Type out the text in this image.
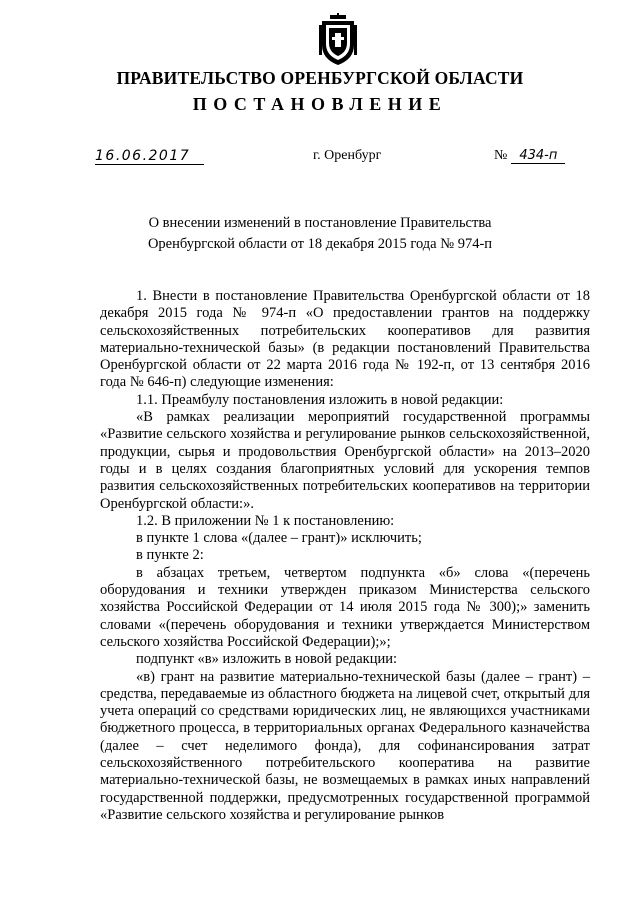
ПРАВИТЕЛЬСТВО ОРЕНБУРГСКОЙ ОБЛАСТИ
ПОСТАНОВЛЕНИЕ
16.06.2017	г. Оренбург	№ 434-п
О внесении изменений в постановление Правительства
Оренбургской области от 18 декабря 2015 года № 974-п

1. Внести в постановление Правительства Оренбургской области от 18 декабря 2015 года № 974-п «О предоставлении грантов на поддержку сельскохозяйственных потребительских кооперативов для развития материально-технической базы» (в редакции постановлений Правительства Оренбургской области от 22 марта 2016 года № 192-п, от 13 сентября 2016 года № 646-п) следующие изменения:

1.1. Преамбулу постановления изложить в новой редакции:

«В рамках реализации мероприятий государственной программы «Развитие сельского хозяйства и регулирование рынков сельскохозяйственной, продукции, сырья и продовольствия Оренбургской области» на 2013–2020 годы и в целях создания благоприятных условий для ускорения темпов развития сельскохозяйственных потребительских кооперативов на территории Оренбургской области:».

1.2. В приложении № 1 к постановлению:

в пункте 1 слова «(далее – грант)» исключить;

в пункте 2:

в абзацах третьем, четвертом подпункта «б» слова «(перечень оборудования и техники утвержден приказом Министерства сельского хозяйства Российской Федерации от 14 июля 2015 года № 300);» заменить словами «(перечень оборудования и техники утверждается Министерством сельского хозяйства Российской Федерации);»;

подпункт «в» изложить в новой редакции:

«в) грант на развитие материально-технической базы (далее – грант) – средства, передаваемые из областного бюджета на лицевой счет, открытый для учета операций со средствами юридических лиц, не являющихся участниками бюджетного процесса, в территориальных органах Федерального казначейства (далее – счет неделимого фонда), для софинансирования затрат сельскохозяйственного потребительского кооператива на развитие материально-технической базы, не возмещаемых в рамках иных направлений государственной поддержки, предусмотренных государственной программой «Развитие сельского хозяйства и регулирование рынков
